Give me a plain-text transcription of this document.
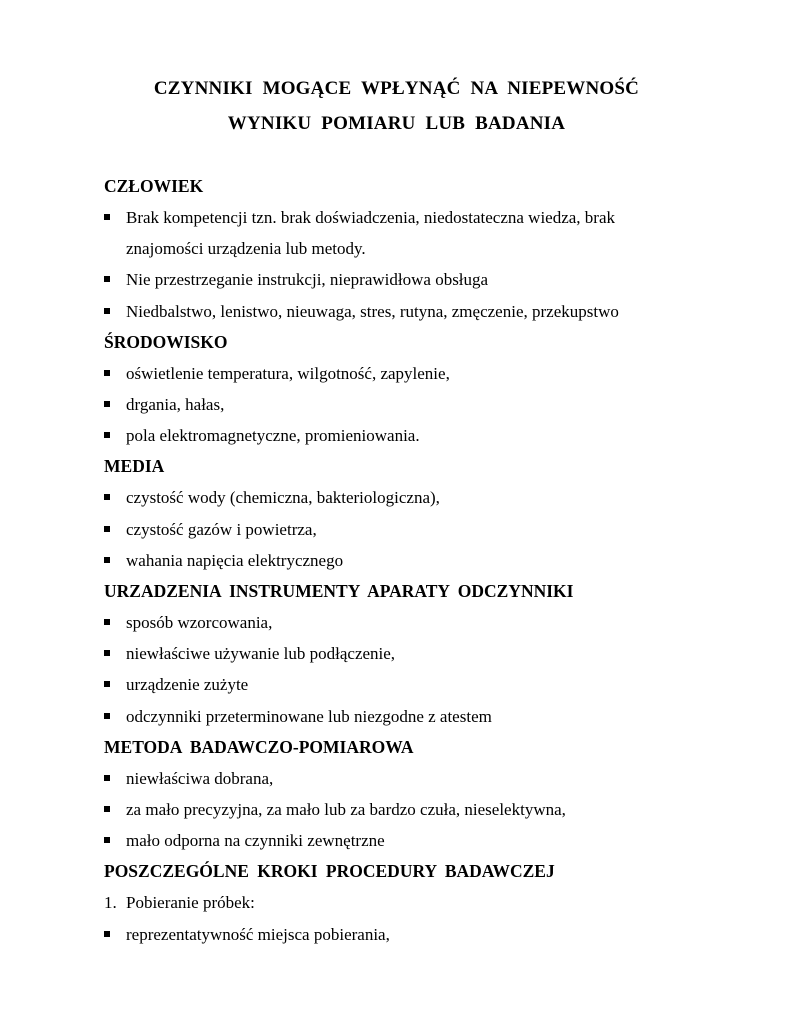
CZYNNIKI MOGĄCE WPŁYNĄĆ NA NIEPEWNOŚĆ
WYNIKU POMIARU LUB BADANIA
CZŁOWIEK
Brak kompetencji tzn. brak doświadczenia, niedostateczna wiedza, brak
znajomości urządzenia lub metody.
Nie przestrzeganie instrukcji, nieprawidłowa obsługa
Niedbalstwo, lenistwo, nieuwaga, stres, rutyna, zmęczenie, przekupstwo
ŚRODOWISKO
oświetlenie temperatura, wilgotność, zapylenie,
drgania, hałas,
pola elektromagnetyczne, promieniowania.
MEDIA
czystość wody (chemiczna, bakteriologiczna),
czystość gazów i powietrza,
wahania napięcia elektrycznego
URZADZENIA INSTRUMENTY APARATY ODCZYNNIKI
sposób wzorcowania,
niewłaściwe używanie lub podłączenie,
urządzenie zużyte
odczynniki przeterminowane lub niezgodne z atestem
METODA BADAWCZO-POMIAROWA
niewłaściwa dobrana,
za mało precyzyjna, za mało lub za bardzo czuła, nieselektywna,
mało odporna na czynniki zewnętrzne
POSZCZEGÓLNE KROKI PROCEDURY BADAWCZEJ
1. Pobieranie próbek:
reprezentatywność miejsca pobierania,
